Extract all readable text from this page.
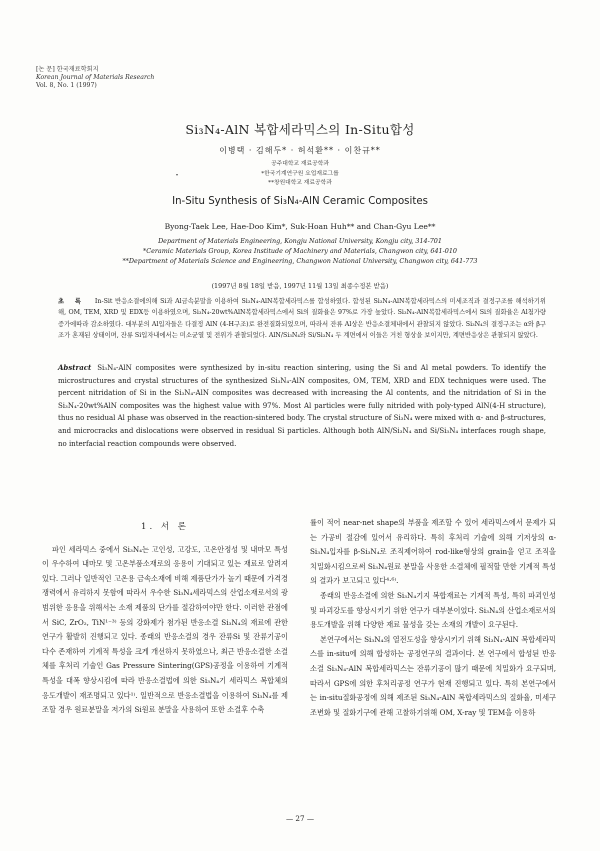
[논 문] 한국재료학회지
Korean Journal of Materials Research
Vol. 8, No. 1 (1997)
Si₃N₄-AlN 복합세라믹스의 In-Situ합성
이병택 · 김해두* · 허석환** · 이찬규**
▾
공주대학교 재료공학과
*한국기계연구원 요업재료그룹
**창원대학교 재료공학과
In-Situ Synthesis of Si₃N₄-AlN Ceramic Composites
Byong-Taek Lee, Hae-Doo Kim*, Suk-Hoan Huh** and Chan-Gyu Lee**
Department of Materials Engineering, Kongju National University, Kongju city, 314-701
*Ceramic Materials Group, Korea Institude of Machinery and Materials, Changwon city, 641-010
**Department of Materials Science and Engineering, Changwon National University, Changwon city, 641-773
(1997년 8월 18일 받음, 1997년 11월 13일 최종수정본 받음)
초 록 In-Sit 반응소결에의해 Si과 Al금속분말을 이용하여 Si₃N₄-AlN복합세라믹스를 합성하였다. 합성된 Si₃N₄-AlN복합세라믹스의 미세조직과 결정구조를 해석하기위해, OM, TEM, XRD 및 EDX등 이용하였으며, Si₃N₄-20wt%AlN복합세라믹스에서 Si의 질화율은 97%로 가장 높았다. Si₃N₄-AlN복합세라믹스에서 Si의 질화율은 Al첨가량 증가에따라 감소하였다. 대부분의 Al입자들은 다결정 AlN (4-H구조)로 완전질화되었으며, 따라서 잔류 Al상은 반응소결체내에서 관찰되지 않았다. Si₃N₄의 결정구조는 α와 β구조가 혼재된 상태이며, 잔류 Si입자내에서는 미소균열 및 전위가 관찰되었다. AlN/Si₃N₄와 Si/Si₃N₄ 두 계면에서 이들은 거친 형상을 보이지만, 계면반응상은 관찰되지 않았다.
Abstract Si₃N₄-AlN composites were synthesized by in-situ reaction sintering, using the Si and Al metal powders. To identify the microstructures and crystal structures of the synthesized Si₃N₄-AlN composites, OM, TEM, XRD and EDX techniques were used. The percent nitridation of Si in the Si₃N₄-AlN composites was decreased with increasing the Al contents, and the nitridation of Si in the Si₃N₄-20wt%AlN composites was the highest value with 97%. Most Al particles were fully nitrided with poly-typed AlN(4-H structure), thus no residual Al phase was observed in the reaction-sintered body. The crystal structure of Si₃N₄ were mixed with α- and β-structures, and microcracks and dislocations were observed in residual Si particles. Although both AlN/Si₃N₄ and Si/Si₃N₄ interfaces rough shape, no interfacial reaction compounds were observed.
1. 서 론

파인 세라믹스 중에서 Si₃N₄는 고인성, 고강도, 고온안정성 및 내마모 특성이 우수하여 내마모 및 고온부품소재로의 응용이 기대되고 있는 재료로 알려져 있다. 그러나 일반적인 고온용 금속소재에 비해 제품단가가 높기 때문에 가격경쟁력에서 유리하지 못함에 따라서 우수한 Si₃N₄세라믹스의 산업소재로서의 광범위한 응용을 위해서는 소재 제품의 단가를 절감하여야만 한다. 이러한 관점에서 SiC, ZrO₂, TiN¹⁻³⁾ 등의 강화제가 첨가된 반응소결 Si₃N₄의 재료에 관한 연구가 활발히 진행되고 있다. 종래의 반응소결의 경우 잔류Si 및 잔류기공이 다수 존재하여 기계적 특성을 크게 개선하지 못하였으나, 최근 반응소결한 소결체를 후처리 기술인 Gas Pressure Sintering(GPS)공정을 이용하여 기계적 특성을 대폭 향상시킴에 따라 반응소결법에 의한 Si₃N₄기 세라믹스 복합체의 응도개발이 재조명되고 있다¹⁾. 일반적으로 반응소결법을 이용하여 Si₃N₄를 제조할 경우 원료분말을 저가의 Si원료 분말을 사용하여 또한 소결후 수축

률이 적어 near-net shape의 부품을 제조할 수 있어 세라믹스에서 문제가 되는 가공비 절감에 있어서 유리하다. 특히 후처리 기술에 의해 기저상의 α-Si₃N₄입자를 β-Si₃N₄로 조직제어하여 rod-like형상의 grain을 얻고 조직을 치밀화시킴으로써 Si₃N₄원료 분말을 사용한 소결체에 필적할 만한 기계적 특성의 결과가 보고되고 있다⁴·⁶⁾.

종래의 반응소결에 의한 Si₃N₄기지 복합재료는 기계적 특성, 특히 파괴인성 및 파괴강도를 향상시키기 위한 연구가 대부분이었다. Si₃N₄의 산업소재로서의 용도개발을 위해 다양한 재료 물성을 갖는 소재의 개발이 요구된다.

본연구에서는 Si₃N₄의 열전도성을 향상시키기 위해 Si₃N₄-AlN 복합세라믹스를 in-situ에 의해 합성하는 공정연구의 결과이다. 본 연구에서 합성된 반응소결 Si₃N₄-AlN 복합세라믹스는 잔류기공이 많기 때문에 치밀화가 요구되며, 따라서 GPS에 의한 후처리공정 연구가 현재 진행되고 있다. 특히 본연구에서는 in-situ질화공정에 의해 제조된 Si₃N₄-AlN 복합세라믹스의 질화율, 미세구조변화 및 질화기구에 관해 고찰하기위해 OM, X-ray 및 TEM을 이용하

— 27 —
